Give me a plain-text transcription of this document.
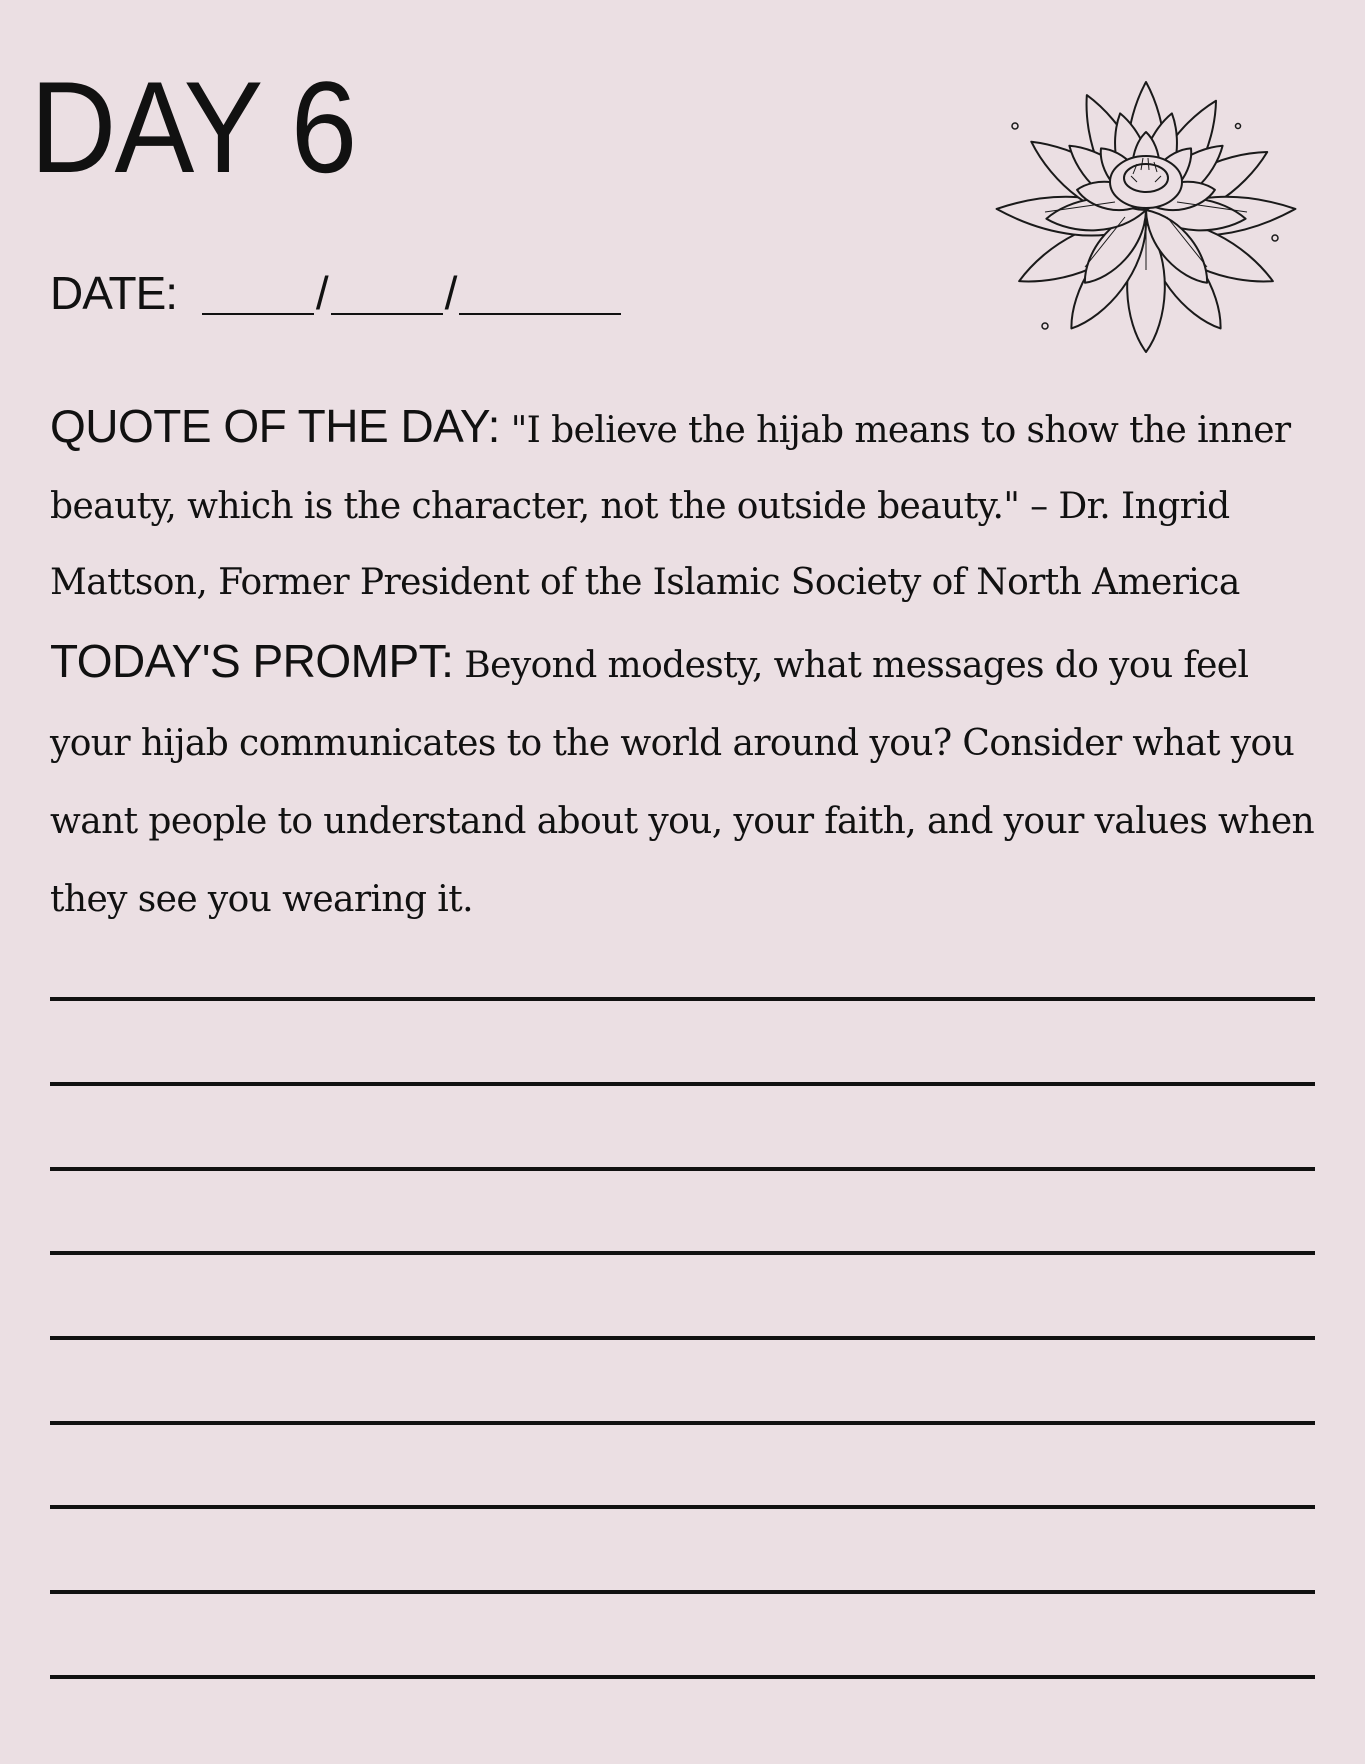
DAY 6
DATE:	/	/

QUOTE OF THE DAY: "I believe the hijab means to show the inner beauty, which is the character, not the outside beauty." – Dr. Ingrid Mattson, Former President of the Islamic Society of North America

TODAY'S PROMPT: Beyond modesty, what messages do you feel your hijab communicates to the world around you? Consider what you want people to understand about you, your faith, and your values when they see you wearing it.
